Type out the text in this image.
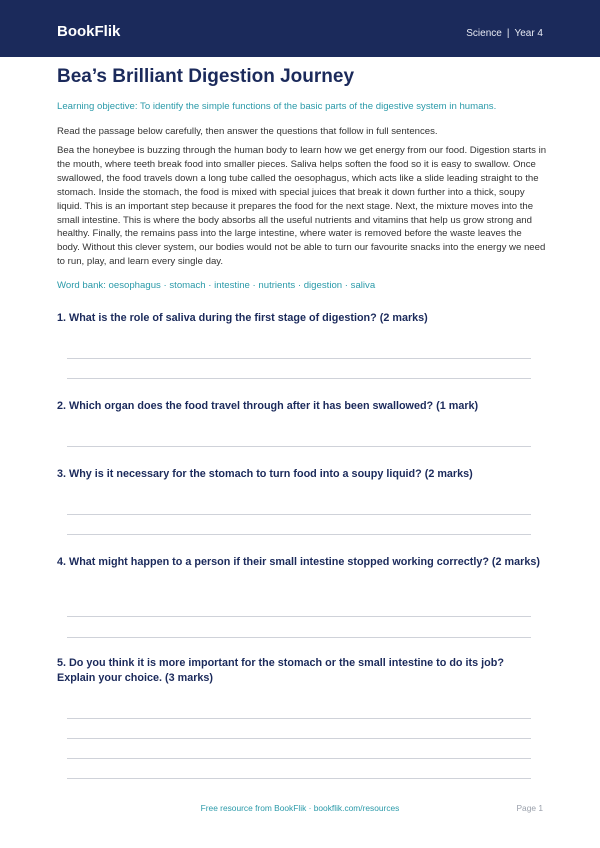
BookFlik	Science | Year 4
Bea’s Brilliant Digestion Journey
Learning objective: To identify the simple functions of the basic parts of the digestive system in humans.
Read the passage below carefully, then answer the questions that follow in full sentences.

Bea the honeybee is buzzing through the human body to learn how we get energy from our food. Digestion starts in the mouth, where teeth break food into smaller pieces. Saliva helps soften the food so it is easy to swallow. Once swallowed, the food travels down a long tube called the oesophagus, which acts like a slide leading straight to the stomach. Inside the stomach, the food is mixed with special juices that break it down further into a thick, soupy liquid. This is an important step because it prepares the food for the next stage. Next, the mixture moves into the small intestine. This is where the body absorbs all the useful nutrients and vitamins that help us grow strong and healthy. Finally, the remains pass into the large intestine, where water is removed before the waste leaves the body. Without this clever system, our bodies would not be able to turn our favourite snacks into the energy we need to run, play, and learn every single day.

Word bank: oesophagus · stomach · intestine · nutrients · digestion · saliva
1. What is the role of saliva during the first stage of digestion? (2 marks)
2. Which organ does the food travel through after it has been swallowed? (1 mark)
3. Why is it necessary for the stomach to turn food into a soupy liquid? (2 marks)
4. What might happen to a person if their small intestine stopped working correctly? (2 marks)
5. Do you think it is more important for the stomach or the small intestine to do its job? Explain your choice. (3 marks)
Free resource from BookFlik · bookflik.com/resources	Page 1
